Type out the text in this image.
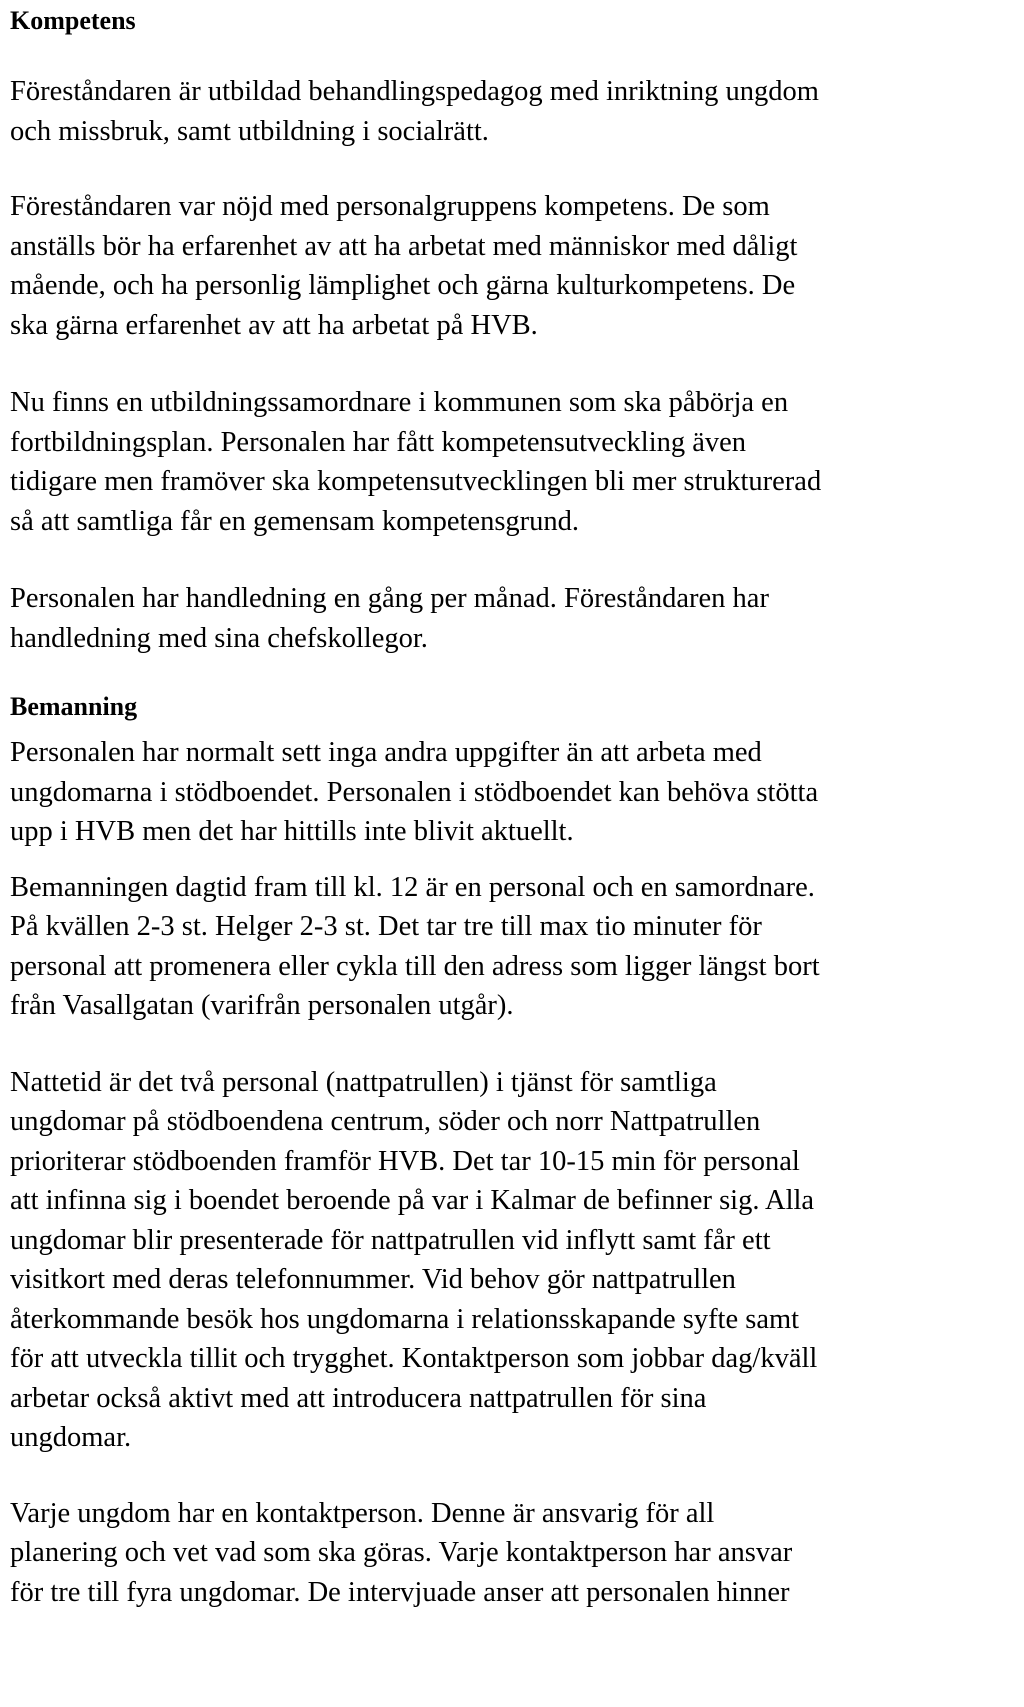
Kompetens

Föreståndaren är utbildad behandlingspedagog med inriktning ungdom
och missbruk, samt utbildning i socialrätt.

Föreståndaren var nöjd med personalgruppens kompetens. De som
anställs bör ha erfarenhet av att ha arbetat med människor med dåligt
mående, och ha personlig lämplighet och gärna kulturkompetens. De
ska gärna erfarenhet av att ha arbetat på HVB.

Nu finns en utbildningssamordnare i kommunen som ska påbörja en
fortbildningsplan. Personalen har fått kompetensutveckling även
tidigare men framöver ska kompetensutvecklingen bli mer strukturerad
så att samtliga får en gemensam kompetensgrund.

Personalen har handledning en gång per månad. Föreståndaren har
handledning med sina chefskollegor.

Bemanning

Personalen har normalt sett inga andra uppgifter än att arbeta med
ungdomarna i stödboendet. Personalen i stödboendet kan behöva stötta
upp i HVB men det har hittills inte blivit aktuellt.

Bemanningen dagtid fram till kl. 12 är en personal och en samordnare.
På kvällen 2-3 st. Helger 2-3 st. Det tar tre till max tio minuter för
personal att promenera eller cykla till den adress som ligger längst bort
från Vasallgatan (varifrån personalen utgår).

Nattetid är det två personal (nattpatrullen) i tjänst för samtliga
ungdomar på stödboendena centrum, söder och norr Nattpatrullen
prioriterar stödboenden framför HVB. Det tar 10-15 min för personal
att infinna sig i boendet beroende på var i Kalmar de befinner sig. Alla
ungdomar blir presenterade för nattpatrullen vid inflytt samt får ett
visitkort med deras telefonnummer. Vid behov gör nattpatrullen
återkommande besök hos ungdomarna i relationsskapande syfte samt
för att utveckla tillit och trygghet. Kontaktperson som jobbar dag/kväll
arbetar också aktivt med att introducera nattpatrullen för sina
ungdomar.

Varje ungdom har en kontaktperson. Denne är ansvarig för all
planering och vet vad som ska göras. Varje kontaktperson har ansvar
för tre till fyra ungdomar. De intervjuade anser att personalen hinner
